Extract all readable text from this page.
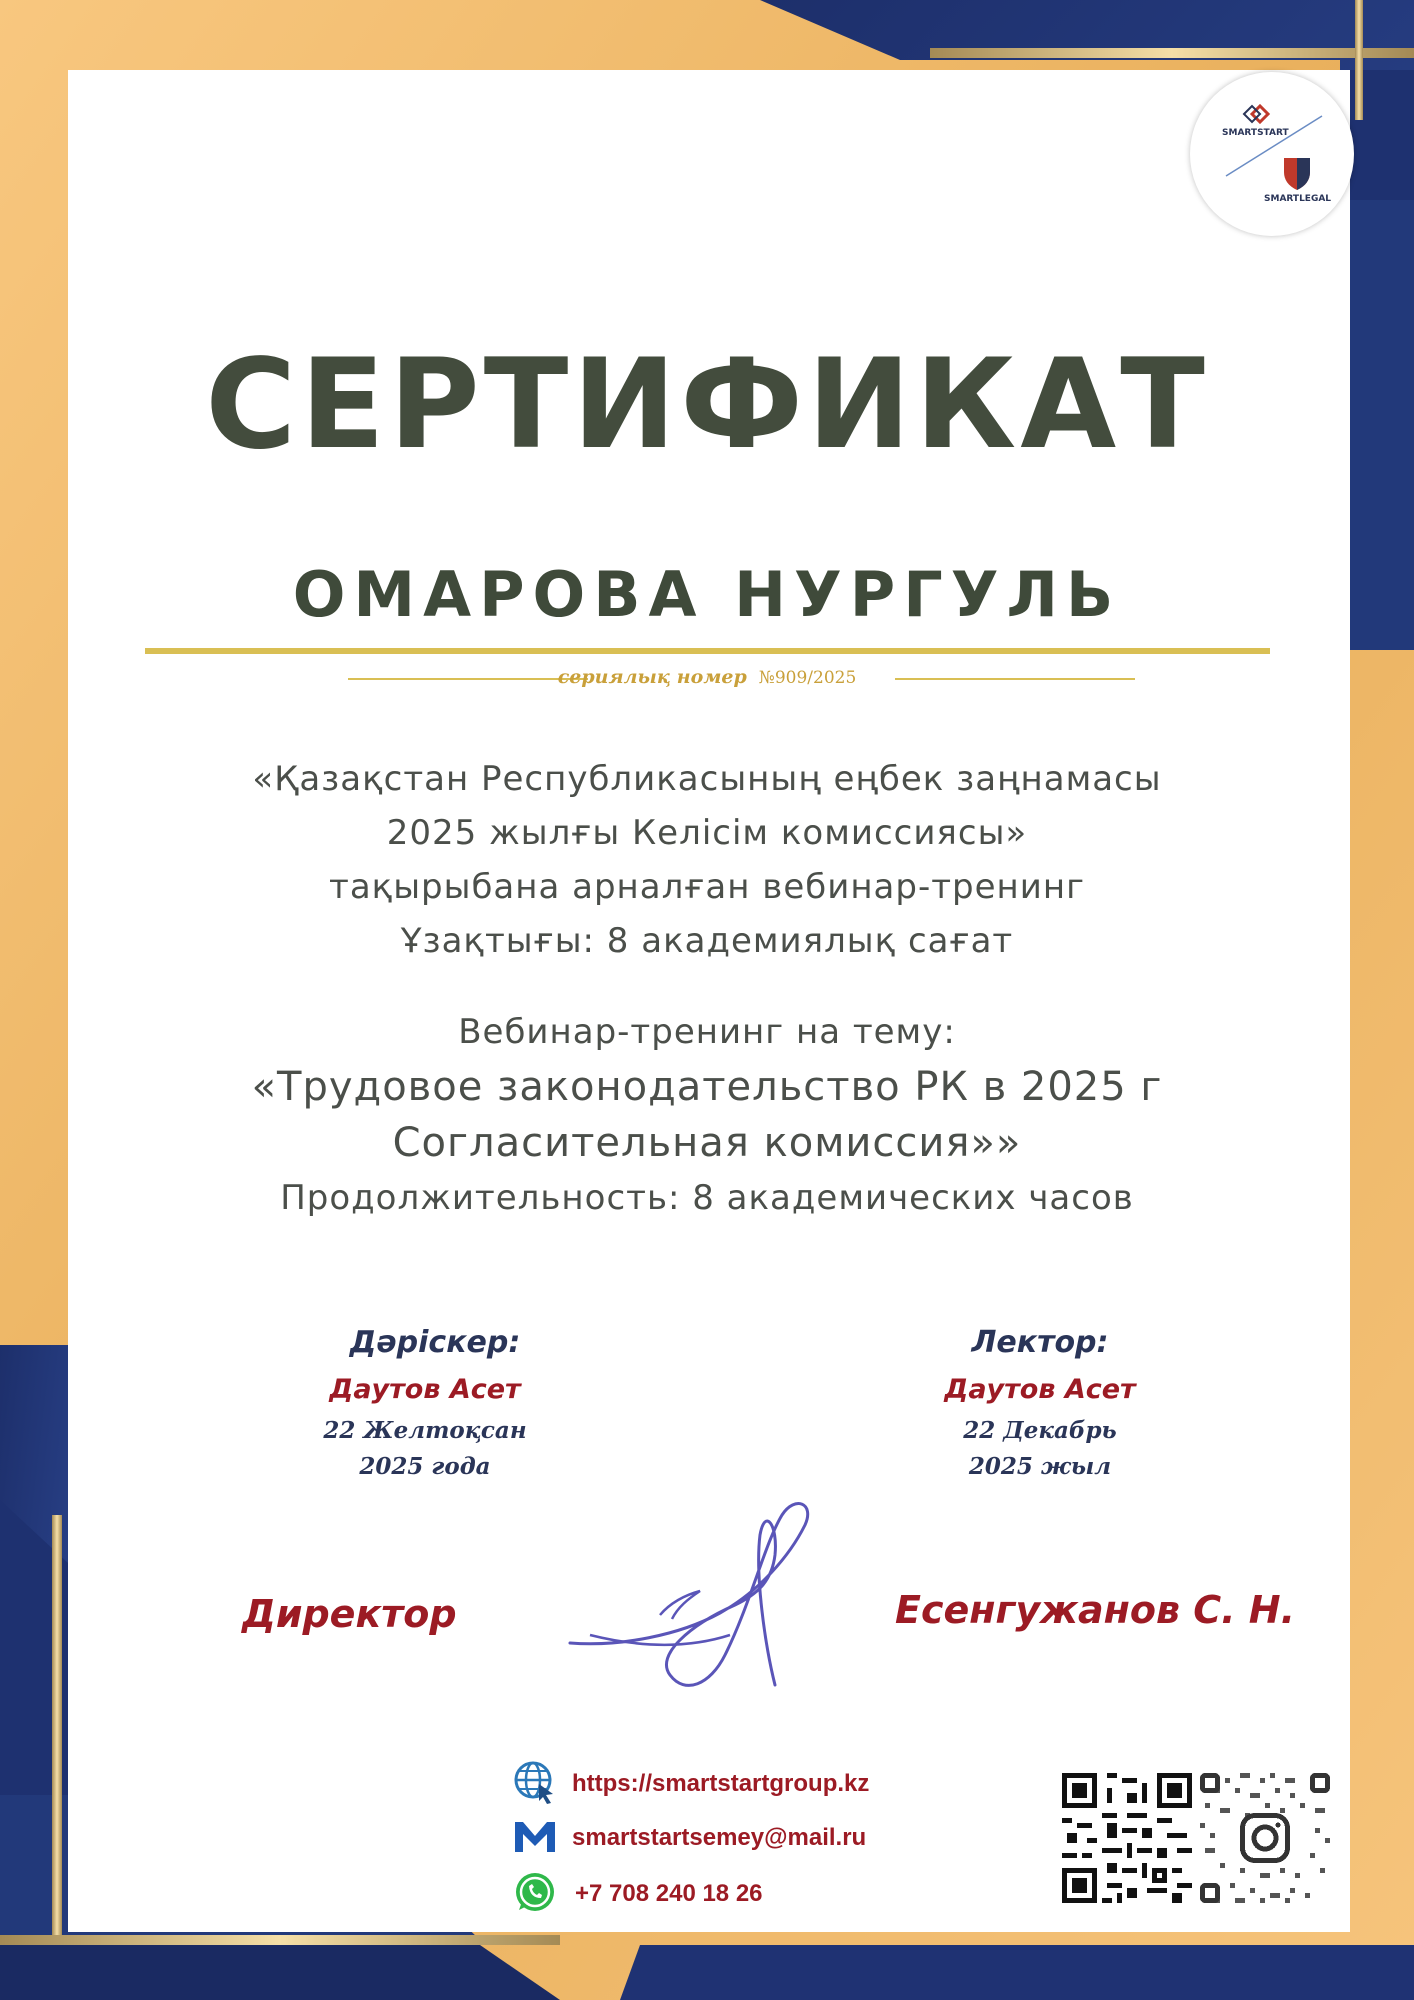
SMARTSTART
SMARTLEGAL
СЕРТИФИКАТ
ОМАРОВА НУРГУЛЬ
сериялық номер №909/2025
«Қазақстан Республикасының еңбек заңнамасы
2025 жылғы Келісім комиссиясы»
тақырыбана арналған вебинар-тренинг
Ұзақтығы: 8 академиялық сағат
Вебинар-тренинг на тему:
«Трудовое законодательство РК в 2025 г
Согласительная комиссия»»
Продолжительность: 8 академических часов
Дәріскер:
Даутов Асет
22 Желтоқсан
2025 года
Лектор:
Даутов Асет
22 Декабрь
2025 жыл
Директор	Есенгужанов С. Н.
https://smartstartgroup.kz
smartstartsemey@mail.ru
+7 708 240 18 26
